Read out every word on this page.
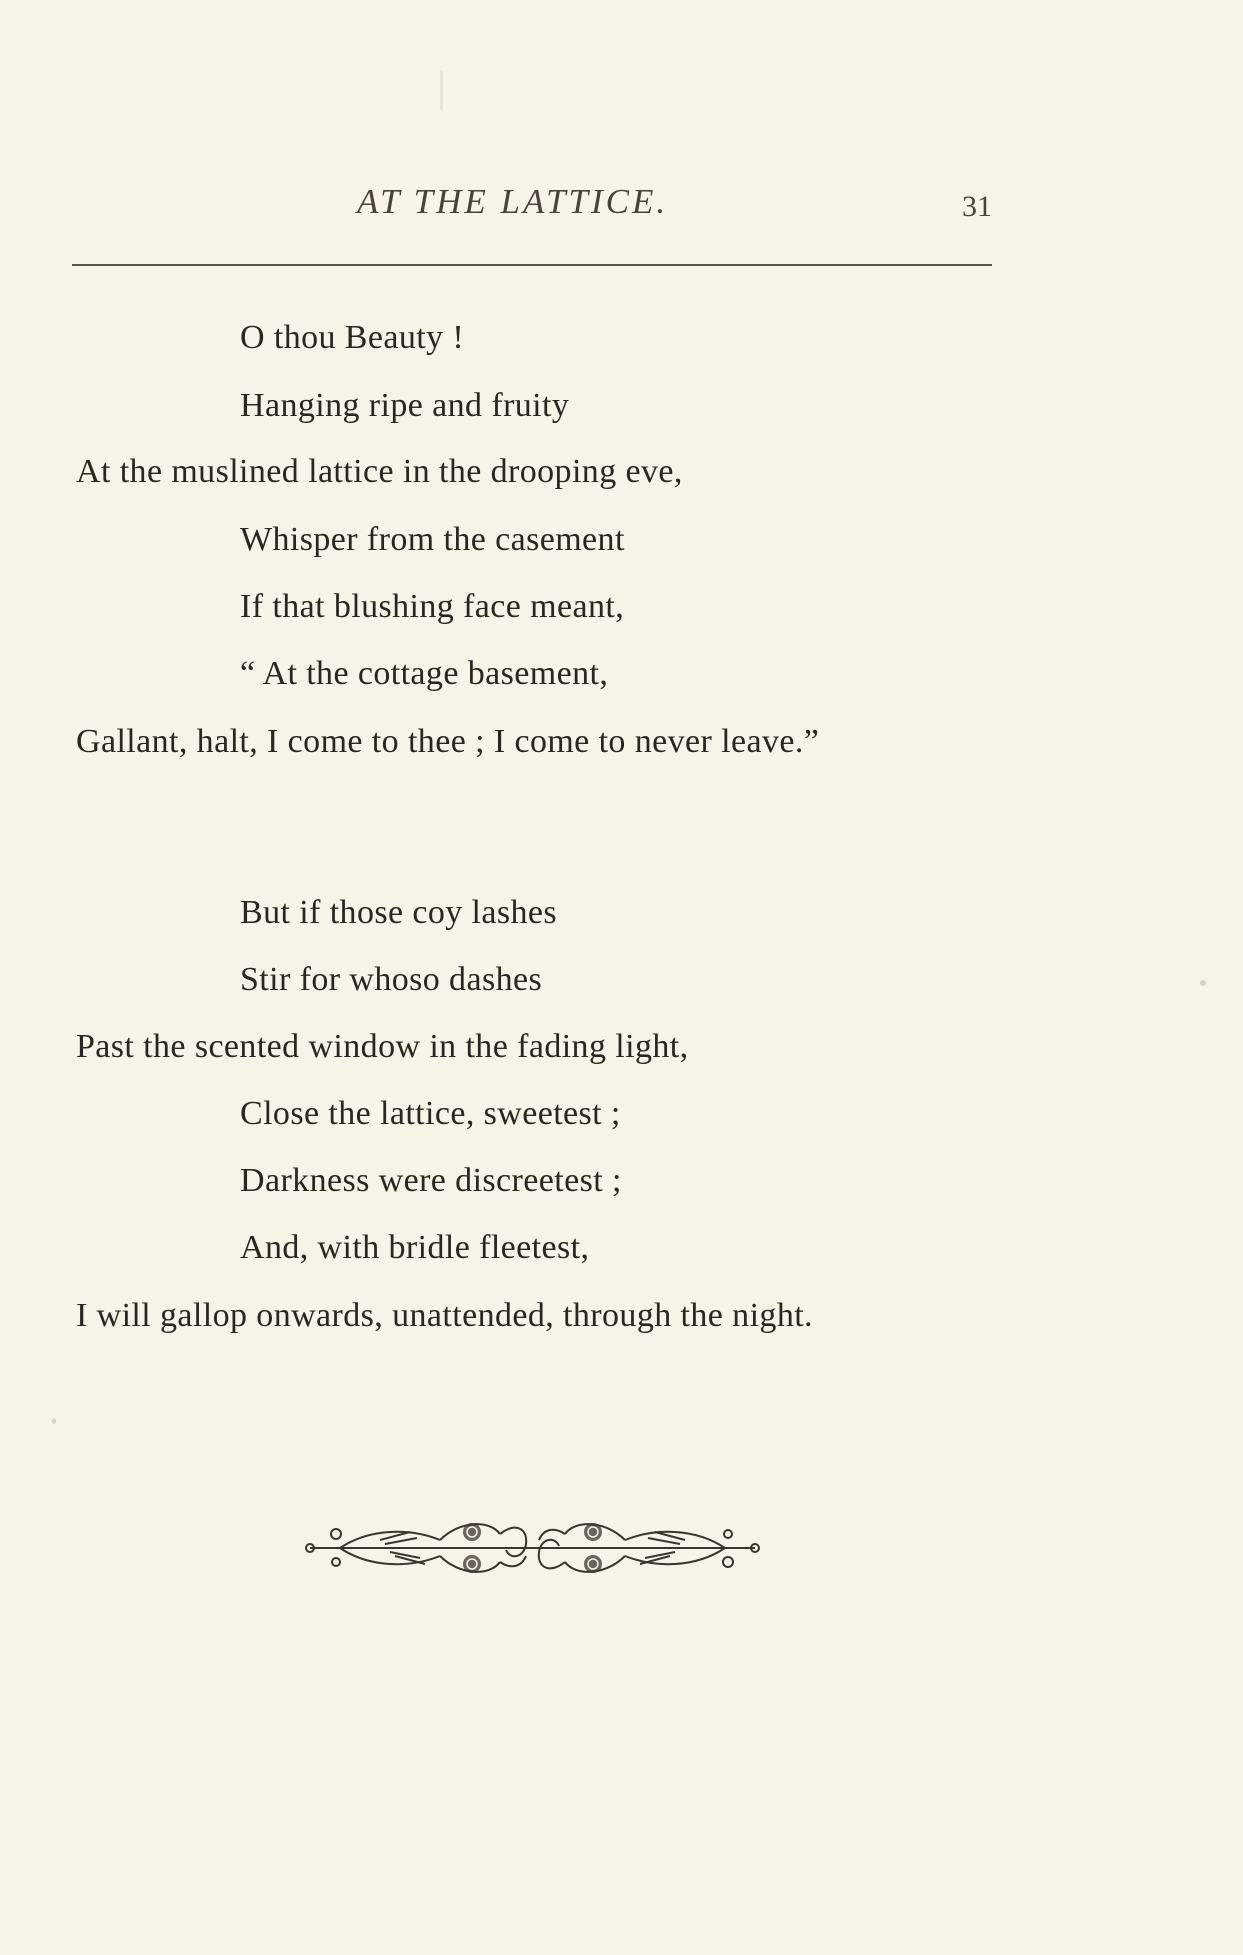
AT THE LATTICE.	31
O thou Beauty !
Hanging ripe and fruity
At the muslined lattice in the drooping eve,
Whisper from the casement
If that blushing face meant,
“ At the cottage basement,
Gallant, halt, I come to thee ; I come to never leave.”
But if those coy lashes
Stir for whoso dashes
Past the scented window in the fading light,
Close the lattice, sweetest ;
Darkness were discreetest ;
And, with bridle fleetest,
I will gallop onwards, unattended, through the night.
